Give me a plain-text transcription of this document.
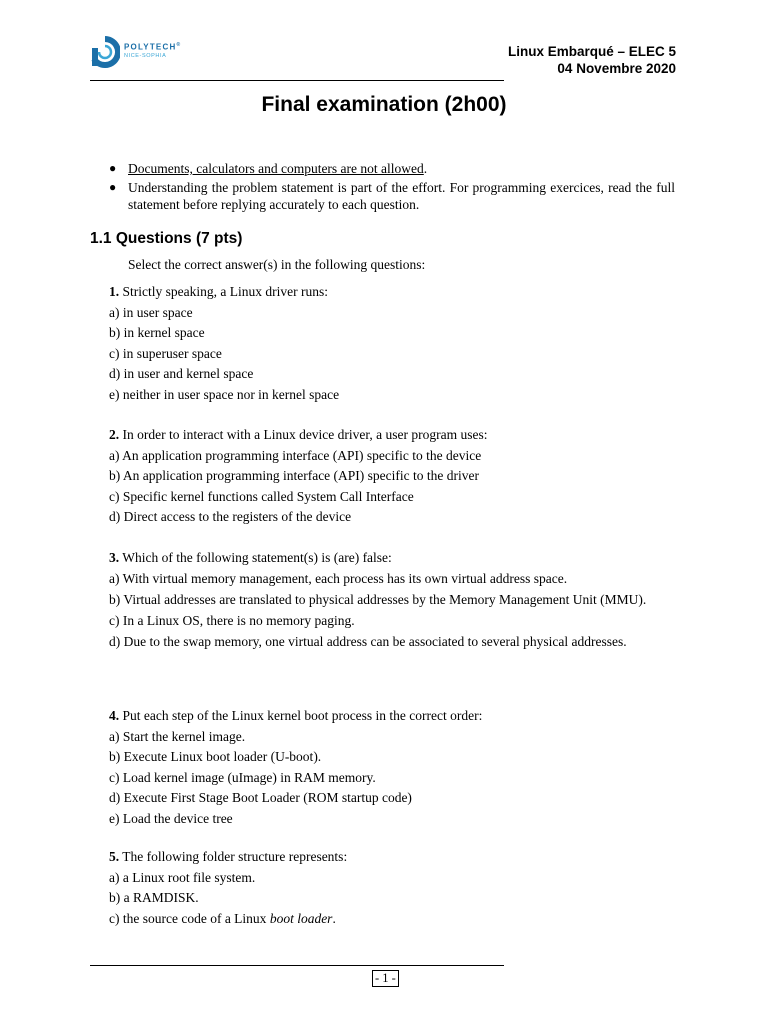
POLYTECH®
NICE-SOPHIA	Linux Embarqué – ELEC 5
04 Novembre 2020
Final examination (2h00)
● Documents, calculators and computers are not allowed.
● Understanding the problem statement is part of the effort. For programming exercices, read the full statement before replying accurately to each question.
1.1 Questions (7 pts)
Select the correct answer(s) in the following questions:
1. Strictly speaking, a Linux driver runs:
a) in user space
b) in kernel space
c) in superuser space
d) in user and kernel space
e) neither in user space nor in kernel space
2. In order to interact with a Linux device driver, a user program uses:
a) An application programming interface (API) specific to the device
b) An application programming interface (API) specific to the driver
c) Specific kernel functions called System Call Interface
d) Direct access to the registers of the device
3. Which of the following statement(s) is (are) false:
a) With virtual memory management, each process has its own virtual address space.
b) Virtual addresses are translated to physical addresses by the Memory Management Unit (MMU).
c) In a Linux OS, there is no memory paging.
d) Due to the swap memory, one virtual address can be associated to several physical addresses.
4. Put each step of the Linux kernel boot process in the correct order:
a) Start the kernel image.
b) Execute Linux boot loader (U-boot).
c) Load kernel image (uImage) in RAM memory.
d) Execute First Stage Boot Loader (ROM startup code)
e) Load the device tree
5. The following folder structure represents:
a) a Linux root file system.
b) a RAMDISK.
c) the source code of a Linux boot loader.
- 1 -
